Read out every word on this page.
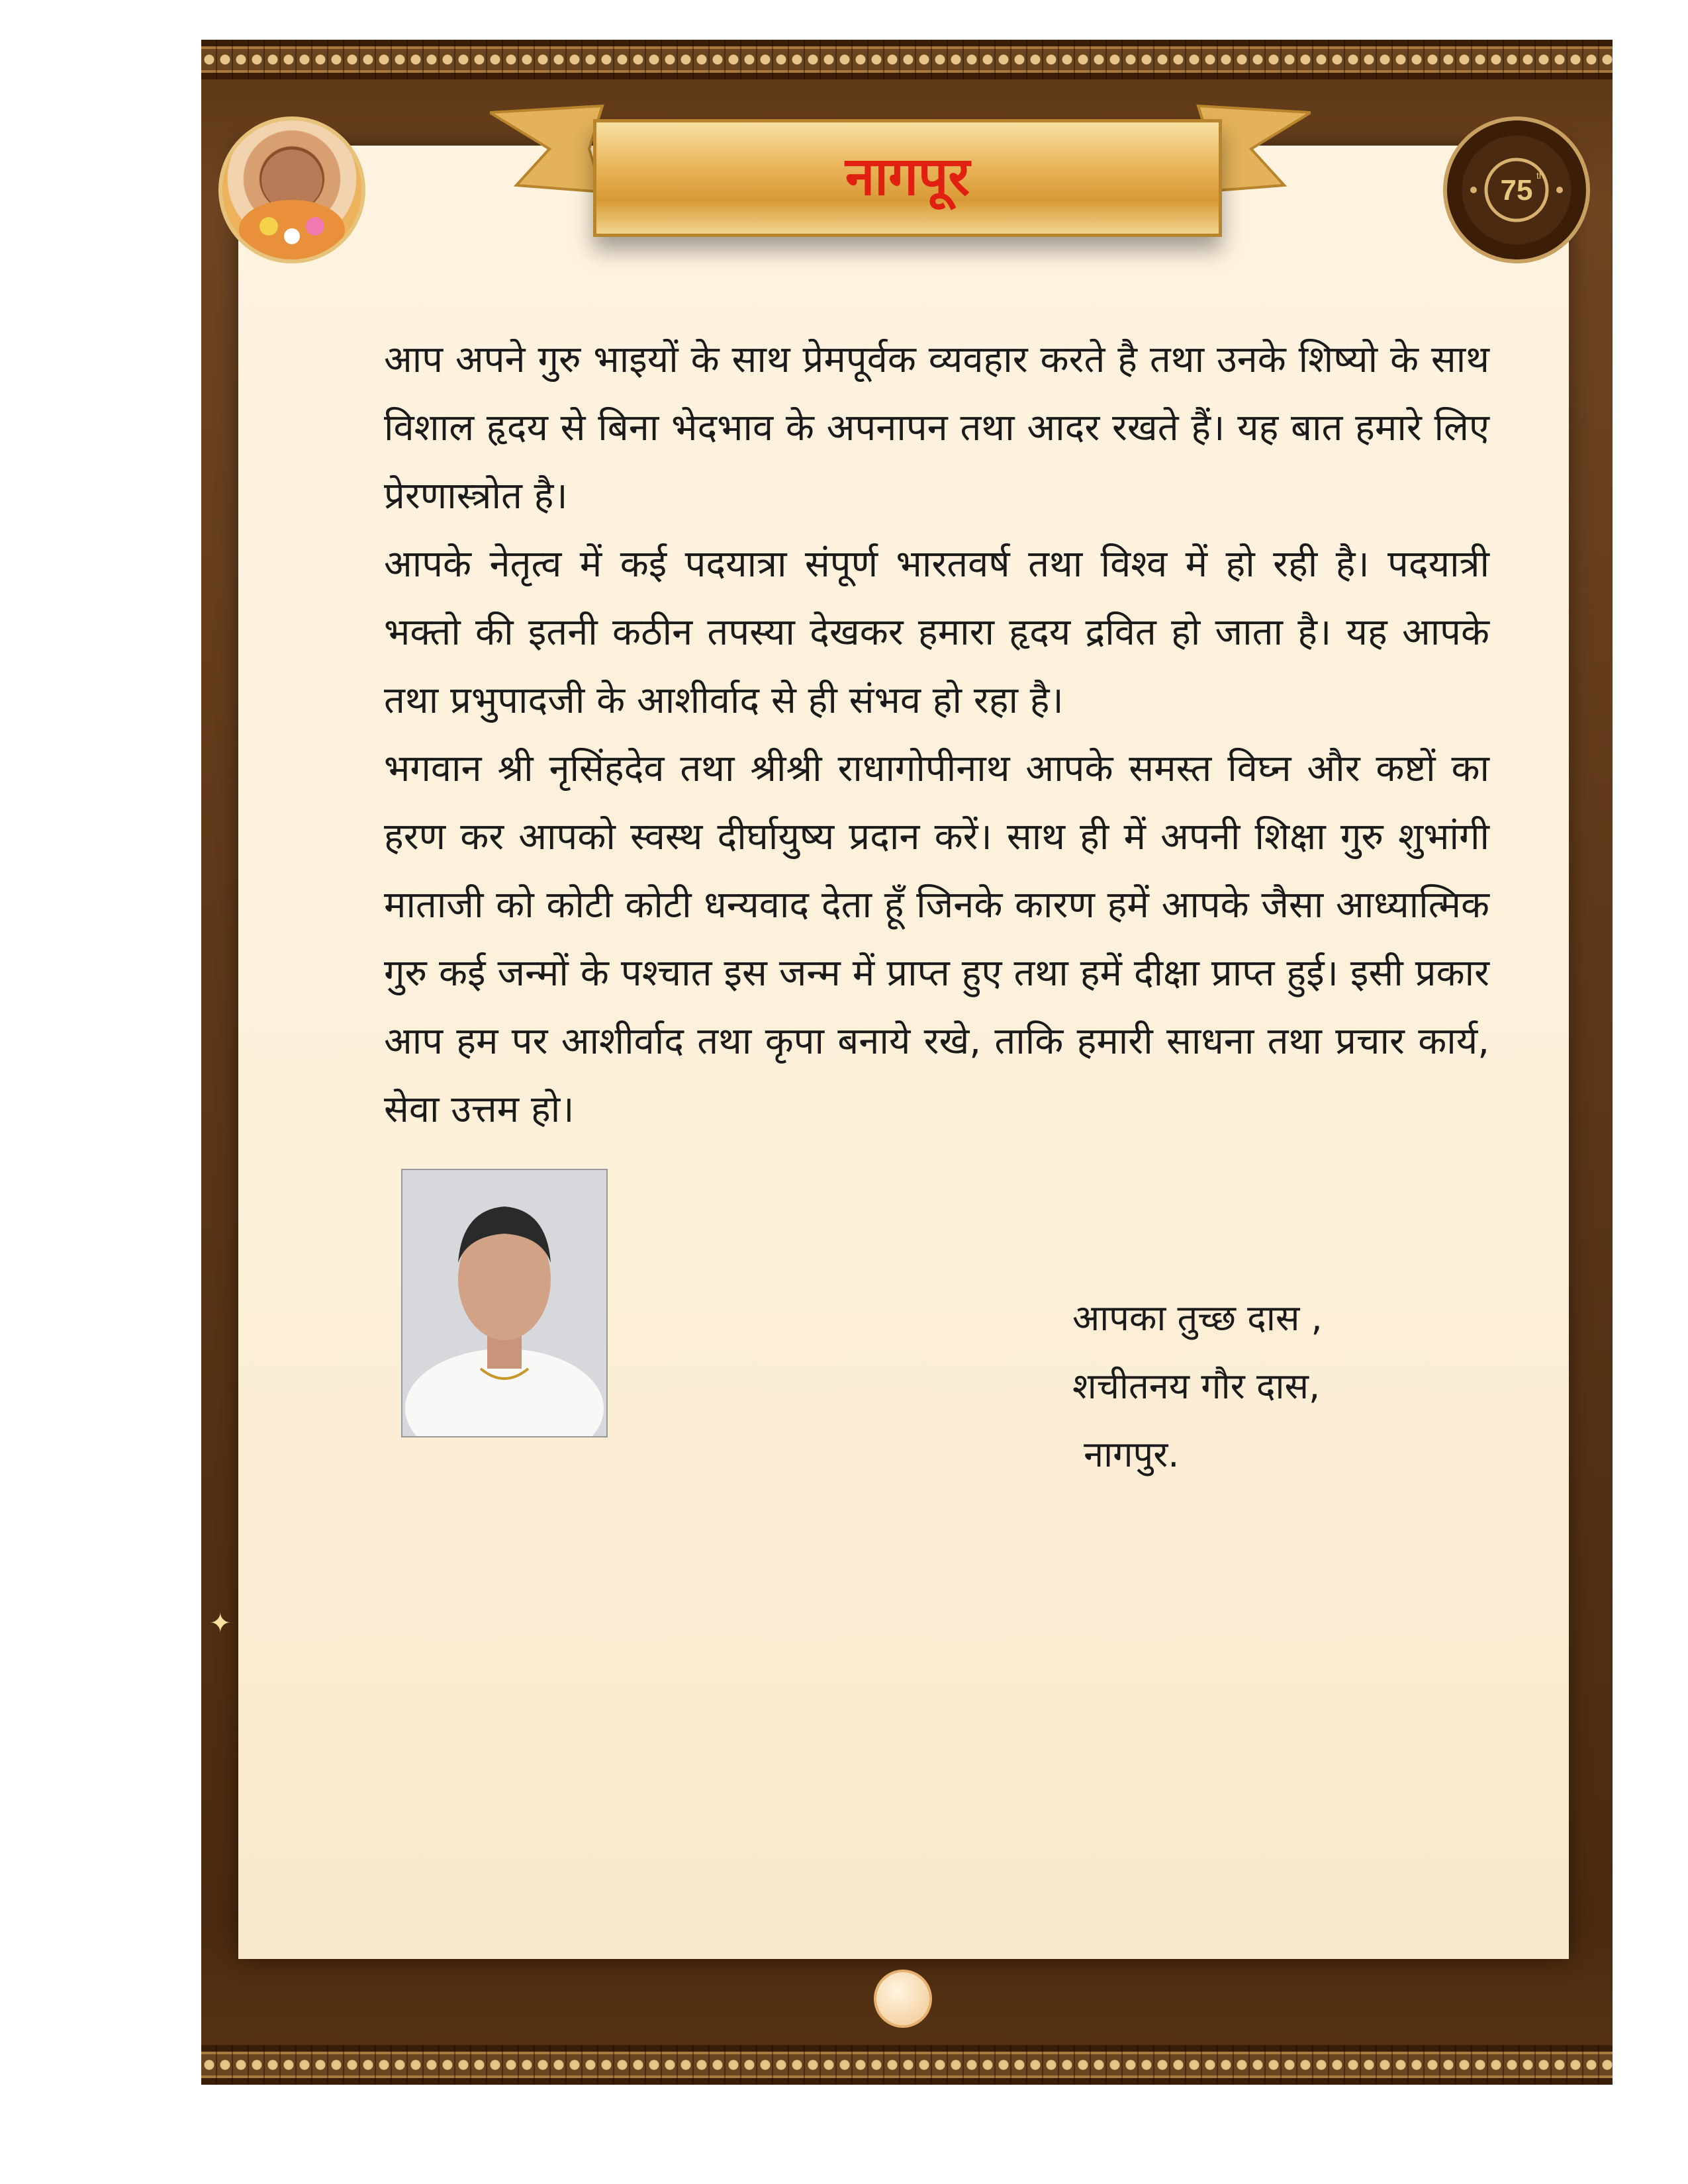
नागपूर	75 th

आप अपने गुरु भाइयों के साथ प्रेमपूर्वक व्यवहार करते है तथा उनके शिष्यो के साथ विशाल हृदय से बिना भेदभाव के अपनापन तथा आदर रखते हैं। यह बात हमारे लिए प्रेरणास्त्रोत है।

आपके नेतृत्व में कई पदयात्रा संपूर्ण भारतवर्ष तथा विश्व में हो रही है। पदयात्री भक्तो की इतनी कठीन तपस्या देखकर हमारा हृदय द्रवित हो जाता है। यह आपके तथा प्रभुपादजी के आशीर्वाद से ही संभव हो रहा है।

भगवान श्री नृसिंहदेव तथा श्रीश्री राधागोपीनाथ आपके समस्त विघ्न और कष्टों का हरण कर आपको स्वस्थ दीर्घायुष्य प्रदान करें। साथ ही में अपनी शिक्षा गुरु शुभांगी माताजी को कोटी कोटी धन्यवाद देता हूँ जिनके कारण हमें आपके जैसा आध्यात्मिक गुरु कई जन्मों के पश्चात इस जन्म में प्राप्त हुए तथा हमें दीक्षा प्राप्त हुई। इसी प्रकार आप हम पर आशीर्वाद तथा कृपा बनाये रखे, ताकि हमारी साधना तथा प्रचार कार्य, सेवा उत्तम हो।

आपका तुच्छ दास ,
शचीतनय गौर दास,
नागपुर.
✦
